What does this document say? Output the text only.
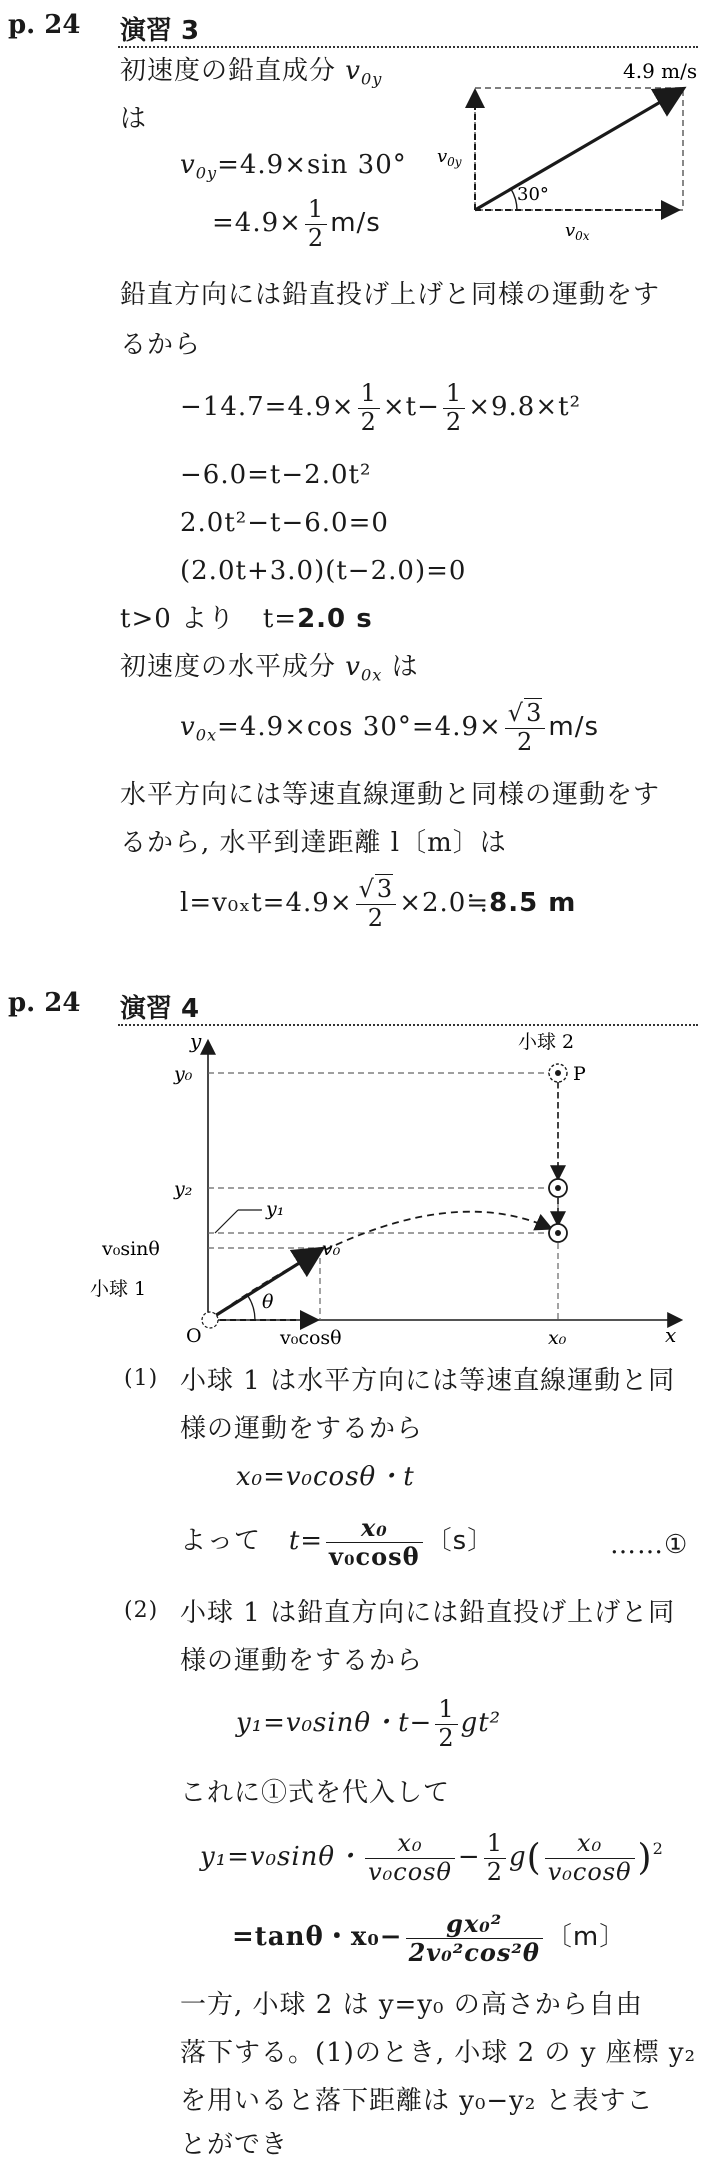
p. 24 演習 3
初速度の鉛直成分 $v_{0y}$
は
4.9 m/s
$v_{0y}$
30°
$v_{0x}$
$v_{0y}=4.9\times\sin$ 30°
$=4.9\times \frac{1}{2} m/s$
鉛直方向には鉛直投げ上げと同様の運動をす
るから
$-14.7=4.9\times \frac{1}{2} \times t- \frac{1}{2} \times 9.8\times t^2$
−6.0=t−2.0t²
2.0t²−t−6.0=0
(2.0t+3.0)(t−2.0)=0
t>0 より t=2.0 s
初速度の水平成分 $v_{0x}$ は
$v_{0x}=4.9\times\cos$ $30^\circ=4.9\times \frac{√3}{2} m/s$
水平方向には等速直線運動と同様の運動をす
るから, 水平到達距離 l〔m〕は
$l=v_{0x}t=4.9\times \frac{√3}{2}$ ×2.0≒8.5 m
p. 24 演習 4
y
x
y₀
y₂
y₁
v₀sinθ
小球 1
小球 2
P
O
v₀
θ
v₀cosθ	x₀
(1) 小球 1 は水平方向には等速直線運動と同
様の運動をするから
x₀=v₀cosθ・t
よって $t= \frac{\text{x₀}}{\text{v₀cosθ}}$ 〔s〕	……①
(2) 小球 1 は鉛直方向には鉛直投げ上げと同
様の運動をするから
y₁=v₀sinθ・$t- \frac{1}{2} gt^2$
これに①式を代入して
y₁=v₀sinθ・ $\frac{\text{x₀}}{\text{v₀cosθ}} - \frac{1}{2} g( \frac{\text{x₀}}{\text{v₀cosθ}} )^2$
=tanθ・$x_0- \frac{\text{gx₀²}}{\text{2v₀²cos²θ}}$ 〔m〕
一方, 小球 2 は y=y₀ の高さから自由
落下する。(1)のとき, 小球 2 の y 座標 y₂
を用いると落下距離は y₀−y₂ と表すこ
とができ
